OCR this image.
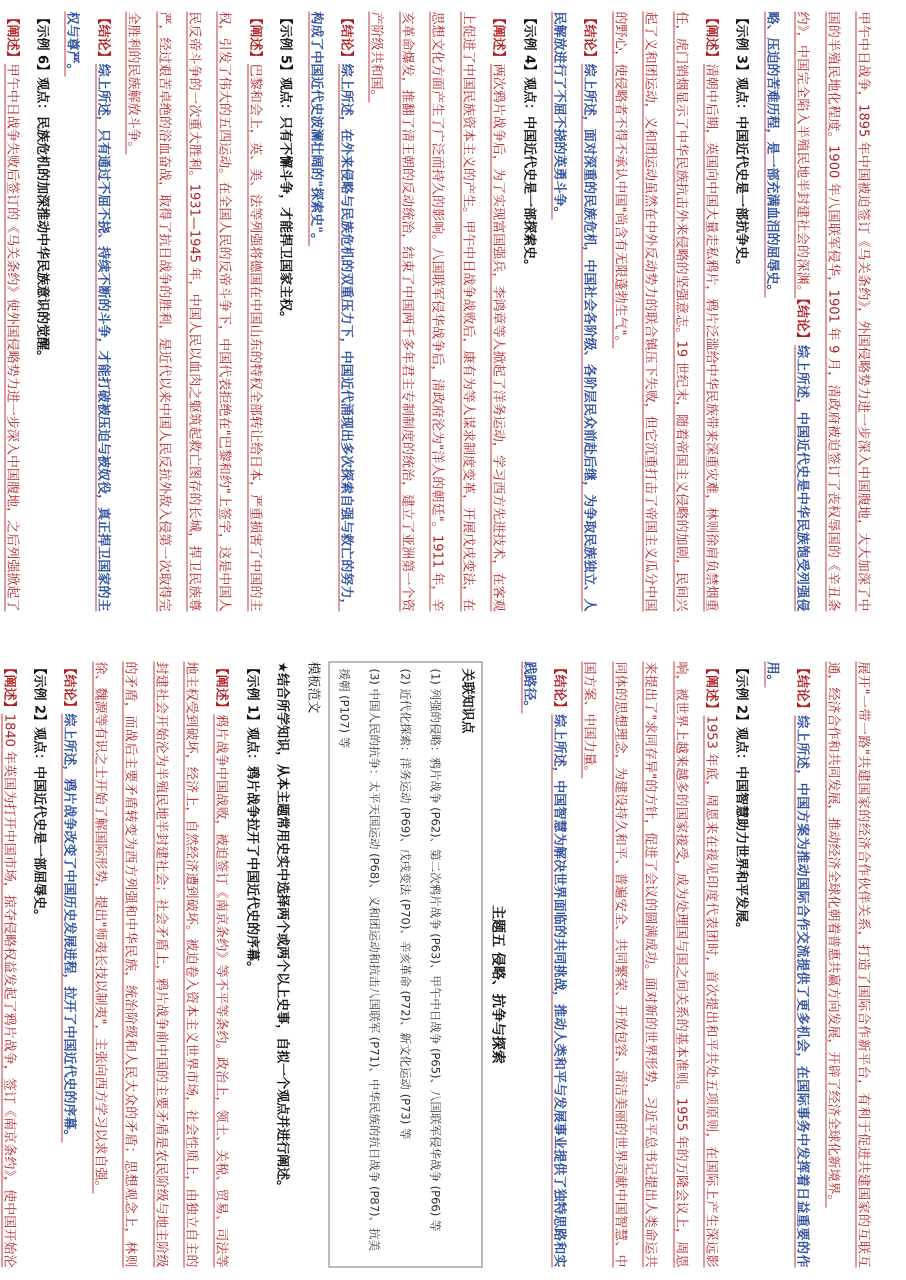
甲午中日战争，1895 年中国被迫签订《马关条约》，外国侵略势力进一步深入中国腹地，大大加深了中国的半殖民地化程度。1900 年八国联军侵华，1901 年 9 月，清政府被迫签订了丧权辱国的《辛丑条约》，中国完全陷入半殖民地半封建社会的深渊。【结论】综上所述，中国近代史是中华民族饱受列强侵略、压迫的苦难历程，是一部充满血泪的屈辱史。

【示例 3】观点：中国近代史是一部抗争史。

【阐述】清朝中后期，英国向中国大量走私鸦片，鸦片泛滥给中华民族带来深重灾难，林则徐肩负禁烟重任，虎门销烟显示了中华民族抗击外来侵略的坚强意志。19 世纪末，随着帝国主义侵略的加剧，民间兴起了义和团运动，义和团运动虽然在中外反动势力的联合镇压下失败，但它沉重打击了帝国主义瓜分中国的野心，使侵略者不得不承认中国"尚含有无限蓬勃生气"。

【结论】综上所述，面对深重的民族危机，中国社会各阶级、各阶层民众前赴后继，为争取民族独立、人民解放进行了不屈不挠的英勇斗争。

【示例 4】观点：中国近代史是一部探索史。

【阐述】两次鸦片战争后，为了实现富国强兵，李鸿章等人掀起了洋务运动，学习西方先进技术，在客观上促进了中国民族资本主义的产生。甲午中日战争战败后，康有为等人谋求制度变革，开展戊戌变法，在思想文化方面产生了广泛而持久的影响。八国联军侵华战争后，清政府沦为"洋人的朝廷"。1911 年，辛亥革命爆发，推翻了清王朝的反动统治，结束了中国两千多年君主专制制度的统治，建立了亚洲第一个资产阶级共和国。

【结论】综上所述，在外来侵略与民族危机的双重压力下，中国近代涌现出多次探索自强与救亡的努力，构成了中国近代史波澜壮阔的"探索史"。

【示例 5】观点：只有不懈斗争，才能捍卫国家主权。

【阐述】巴黎和会上，英、美、法等列强将德国在中国山东的特权全部转让给日本，严重损害了中国的主权，引发了伟大的五四运动。在全国人民的反帝斗争下，中国代表拒绝在"巴黎和约"上签字，这是中国人民反帝斗争的一次重大胜利。1931—1945 年，中国人民以血肉之躯筑起救亡图存的长城，捍卫民族尊严，经过艰苦卓绝的浴血奋战，取得了抗日战争的胜利，是近代以来中国人民反抗外敌入侵第一次取得完全胜利的民族解放斗争。

【结论】综上所述，只有通过不屈不挠、持续不断的斗争，才能打破被压迫与被奴役，真正捍卫国家的主权与尊严。

【示例 6】观点：民族危机的加深推动中华民族意识的觉醒。

【阐述】甲午中日战争失败后签订的《马关条约》使外国侵略势力进一步深入中国腹地，之后列强掀起了

展开"一带一路"共建国家的经济合作伙伴关系，打造了国际合作新平台，有利于促进共建国家的互联互通，经济合作和共同发展，推动经济全球化朝着普惠共赢方向发展，开辟了经济全球化新境界。

【结论】综上所述，中国方案为推动国际合作交流提供了更多机会，在国际事务中发挥着日益重要的作用。

【示例 2】观点：中国智慧助力世界和平发展。

【阐述】1953 年底，周恩来在接见印度代表团时，首次提出和平共处五项原则，在国际上产生深远影响，被世界上越来越多的国家接受，成为处理国与国之间关系的基本准则。1955 年的万隆会议上，周恩来提出了"求同存异"的方针，促进了会议的圆满成功。面对新的世界形势，习近平总书记提出人类命运共同体的思想理念，为建设持久和平、普遍安全、共同繁荣、开放包容、清洁美丽的世界贡献中国智慧、中国方案、中国力量。

【结论】综上所述，中国智慧为解决世界面临的共同挑战，推动人类和平与发展事业提供了独特思路和实践路径。

主题五 侵略、抗争与探索

关联知识点

(1) 列强的侵略：鸦片战争 (P62)、第二次鸦片战争 (P63)、甲午中日战争 (P65)、八国联军侵华战争 (P66) 等

(2) 近代化探索：洋务运动 (P69)、戊戌变法 (P70)、辛亥革命 (P72)、新文化运动 (P73) 等

(3) 中国人民的抗争：太平天国运动 (P68)、义和团运动和抗击八国联军 (P71)、中华民族的抗日战争 (P87)、抗美援朝 (P107) 等

模板范文

★结合所学知识，从本主题常用史实中选择两个或两个以上史事，自拟一个观点并进行阐述。

【示例 1】观点：鸦片战争拉开了中国近代史的序幕。

【阐述】鸦片战争中国战败，被迫签订《南京条约》等不平等条约。政治上，领土、关税、贸易、司法等地主权受到破坏，经济上，自然经济遭到破坏。被迫卷入资本主义世界市场，社会性质上，由独立自主的封建社会开始沦为半殖民地半封建社会；社会矛盾上，鸦片战争前中国的主要矛盾是农民阶级与地主阶级的矛盾，而战后主要矛盾转变为西方列强和中华民族，统治阶级和人民大众的矛盾；思想观念上，林则徐、魏源等有识之士开始了解国际形势，提出"师夷长技以制夷"，主张向西方学习以求自强。

【结论】综上所述，鸦片战争改变了中国历史发展进程，拉开了中国近代史的序幕。

【示例 2】观点：中国近代史是一部屈辱史。

【阐述】1840 年英国为打开中国市场，掠夺侵略权益发起了鸦片战争，签订《南京条约》，使中国开始沦
